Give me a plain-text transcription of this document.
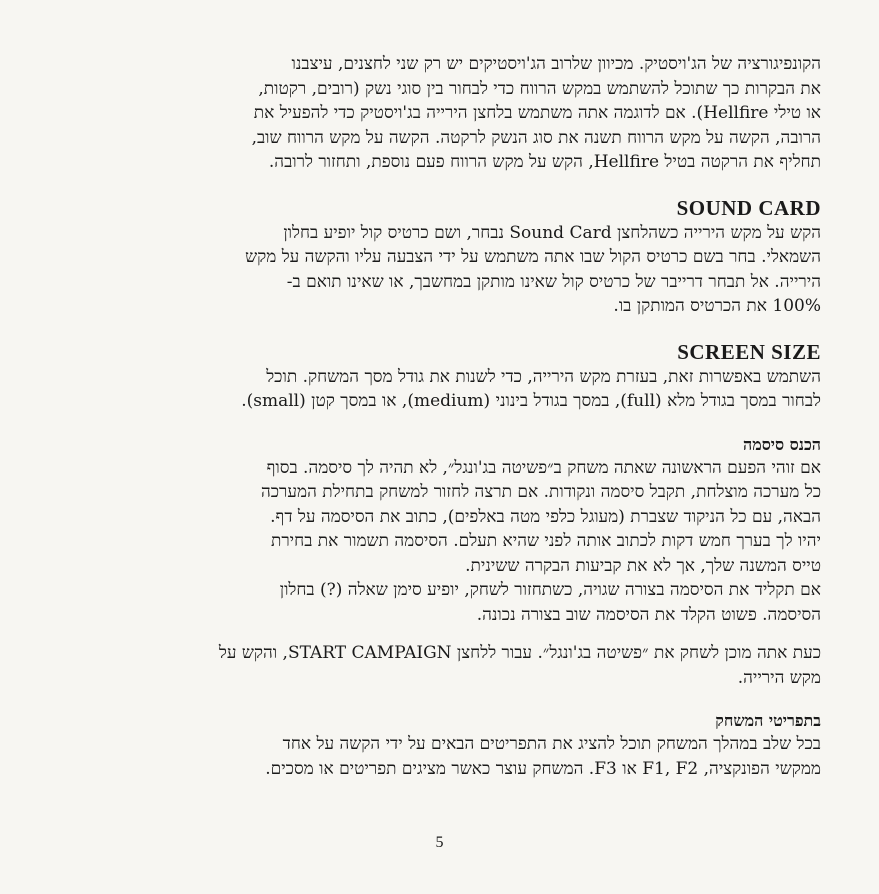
הקונפיגורציה של הג'ויסטיק. מכיוון שלרוב הג'ויסטיקים יש רק שני לחצנים, עיצבנו
את הבקרות כך שתוכל להשתמש במקש הרווח כדי לבחור בין סוגי נשק (רובים, רקטות,
או טילי Hellfire). אם לדוגמה אתה משתמש בלחצן הירייה בג'ויסטיק כדי להפעיל את
הרובה, הקשה על מקש הרווח תשנה את סוג הנשק לרקטה. הקשה על מקש הרווח שוב,
תחליף את הרקטה בטיל Hellfire, הקש על מקש הרווח פעם נוספת, ותחזור לרובה.

SOUND CARD

הקש על מקש הירייה כשהלחצן Sound Card נבחר, ושם כרטיס קול יופיע בחלון
השמאלי. בחר בשם כרטיס הקול שבו אתה משתמש על ידי הצבעה עליו והקשה על מקש
הירייה. אל תבחר דרייבר של כרטיס קול שאינו מותקן במחשבך, או שאינו תואם ב-
100% את הכרטיס המותקן בו.

SCREEN SIZE

השתמש באפשרות זאת, בעזרת מקש הירייה, כדי לשנות את גודל מסך המשחק. תוכל
לבחור במסך בגודל מלא (full), במסך בגודל בינוני (medium), או במסך קטן (small).

הכנס סיסמה

אם זוהי הפעם הראשונה שאתה משחק ב״פשיטה בג'ונגל״, לא תהיה לך סיסמה. בסוף
כל מערכה מוצלחת, תקבל סיסמה ונקודות. אם תרצה לחזור למשחק בתחילת המערכה
הבאה, עם כל הניקוד שצברת (מעוגל כלפי מטה באלפים), כתוב את הסיסמה על דף.
יהיו לך בערך חמש דקות לכתוב אותה לפני שהיא תעלם. הסיסמה תשמור את בחירת
טייס המשנה שלך, אך לא את קביעות הבקרה ששינית.
אם תקליד את הסיסמה בצורה שגויה, כשתחזור לשחק, יופיע סימן שאלה (?) בחלון
הסיסמה. פשוט הקלד את הסיסמה שוב בצורה נכונה.

כעת אתה מוכן לשחק את ״פשיטה בג'ונגל״. עבור ללחצן START CAMPAIGN, והקש על
מקש הירייה.

בתפריטי המשחק

בכל שלב במהלך המשחק תוכל להציג את התפריטים הבאים על ידי הקשה על אחד
ממקשי הפונקציה, F1, F2 או F3. המשחק עוצר כאשר מציגים תפריטים או מסכים.

5
